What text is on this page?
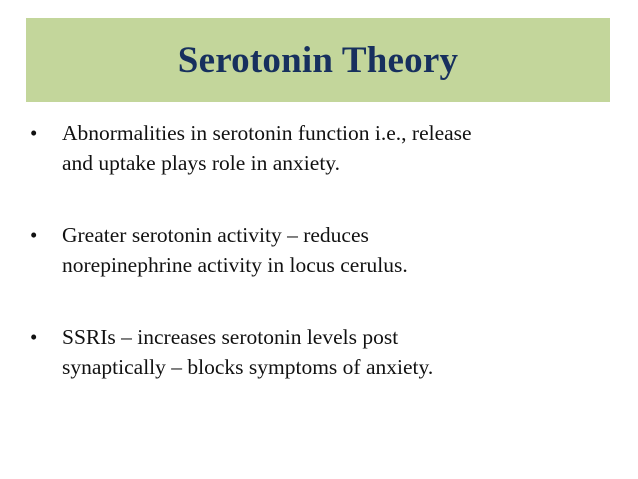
Serotonin Theory
•	Abnormalities in serotonin function i.e., release
and uptake plays role in anxiety.
•	Greater serotonin activity – reduces
norepinephrine activity in locus cerulus.
•	SSRIs – increases serotonin levels post
synaptically – blocks symptoms of anxiety.
